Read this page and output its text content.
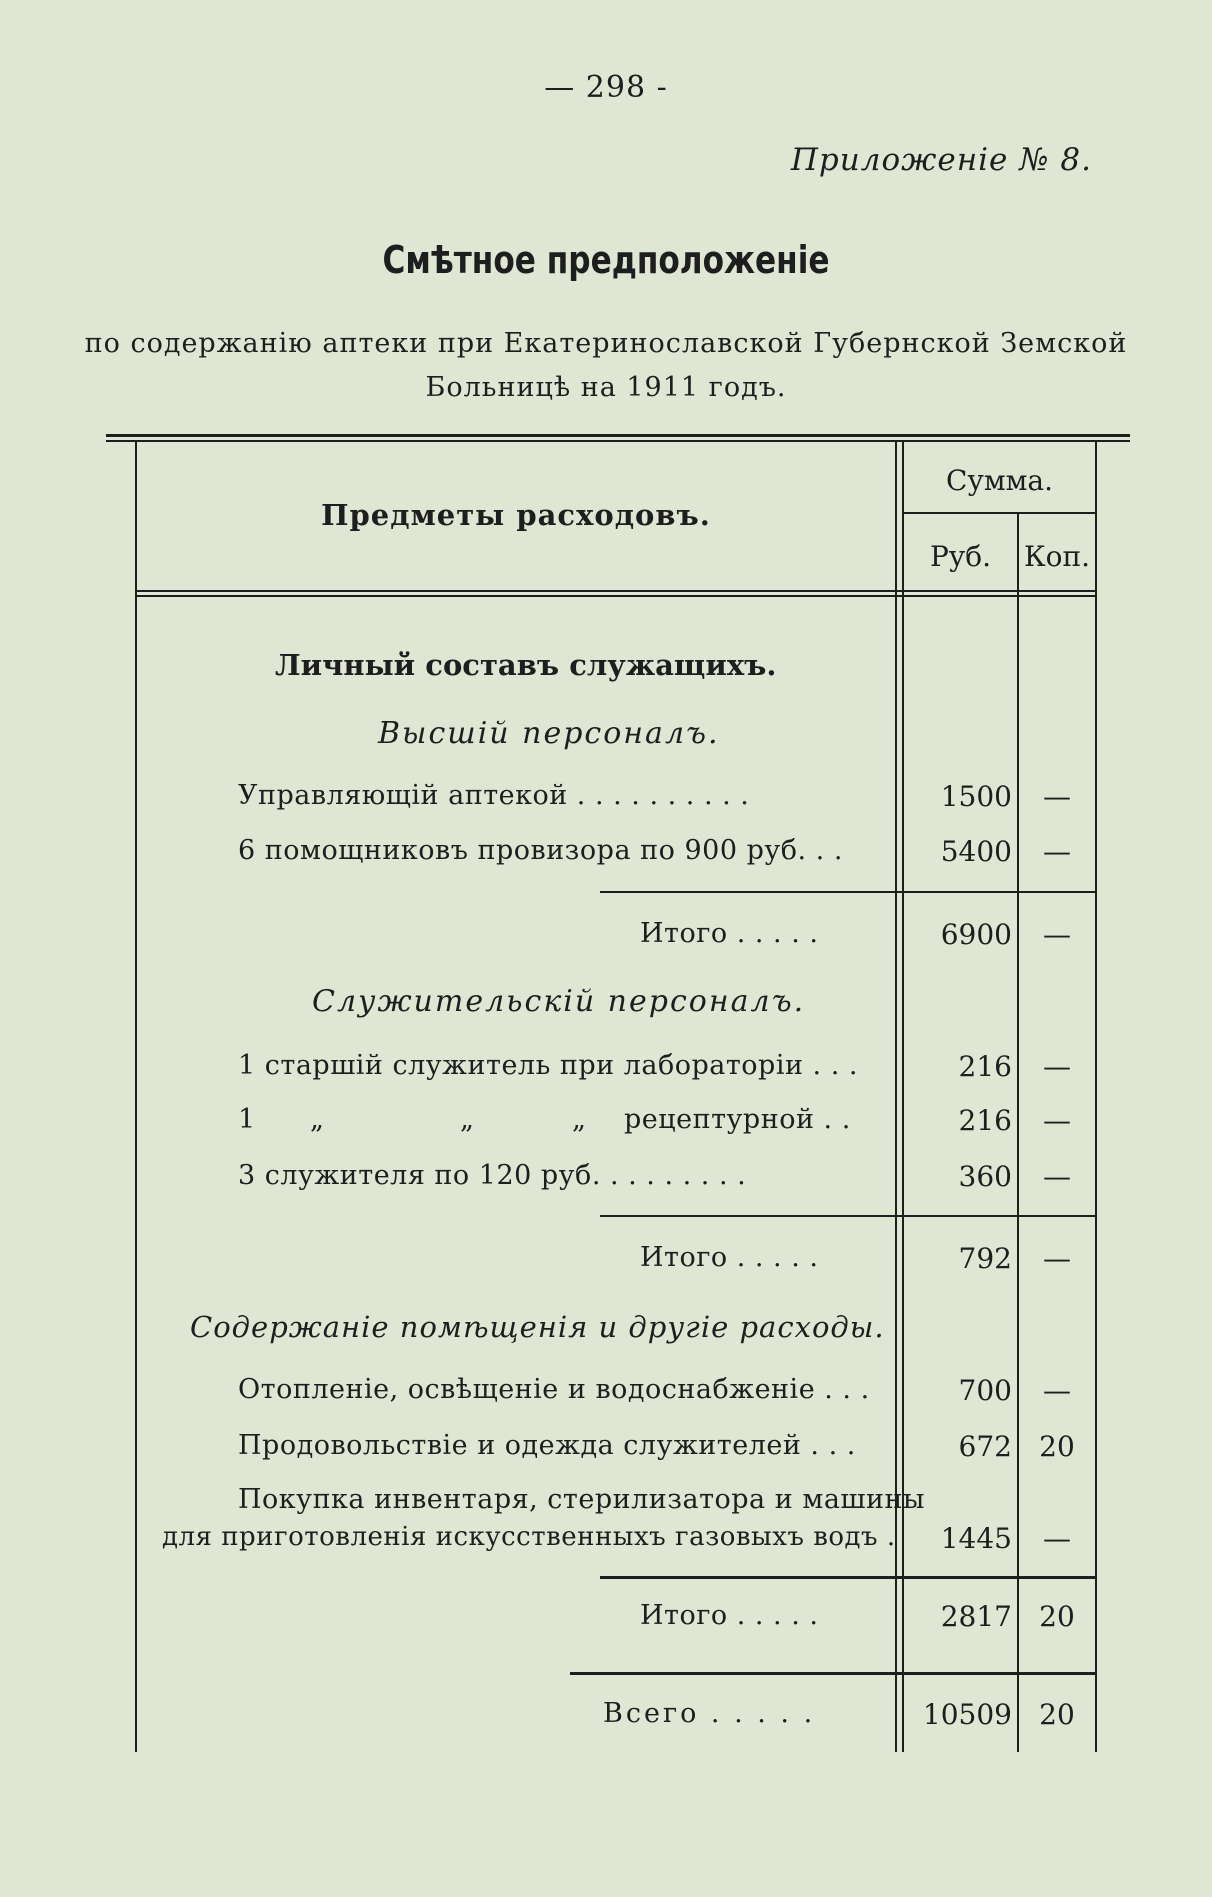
— 298 -
Приложеніе № 8.
Смѣтное предположеніе
по содержанію аптеки при Екатеринославской Губернской Земской
Больницѣ на 1911 годъ.
Предметы расходовъ.
Сумма.
Руб.	Коп.
Личный составъ служащихъ.
Высшій персоналъ.
Управляющій аптекой . . . . . . . . . .	1500	—
6 помощниковъ провизора по 900 руб. . .	5400	—
Итого . . . . .	6900	—
Служительскій персоналъ.
1 старшій служитель при лабораторіи . . .	216	—
1 „	„	„ рецептурной . .	216	—
3 служителя по 120 руб. . . . . . . . .	360	—
Итого . . . . .	792	—
Содержаніе помѣщенія и другіе расходы.
Отопленіе, освѣщеніе и водоснабженіе . . .	700	—
Продовольствіе и одежда служителей . . .	672 20
Покупка инвентаря, стерилизатора и машины
для приготовленія искусственныхъ газовыхъ водъ .	1445	—
Итого . . . . .	2817 20
Всего . . . . .	10509 20
